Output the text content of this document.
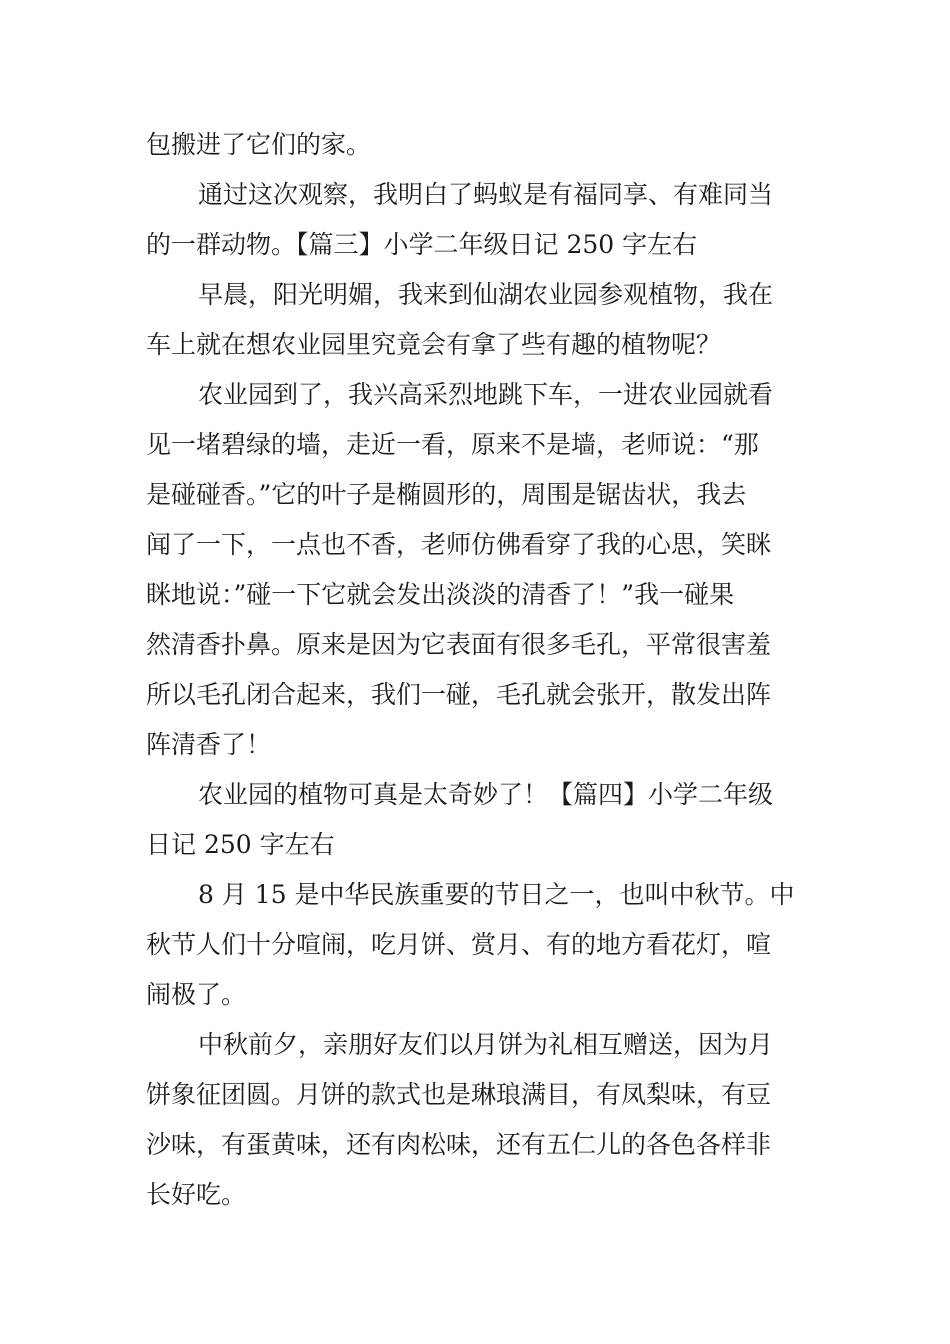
包搬进了它们的家。
通过这次观察，我明白了蚂蚁是有福同享、有难同当
的一群动物。【篇三】小学二年级日记 250 字左右
早晨，阳光明媚，我来到仙湖农业园参观植物，我在
车上就在想农业园里究竟会有拿了些有趣的植物呢？
农业园到了，我兴高采烈地跳下车，一进农业园就看
见一堵碧绿的墙，走近一看，原来不是墙，老师说：“那
是碰碰香。”它的叶子是椭圆形的，周围是锯齿状，我去
闻了一下，一点也不香，老师仿佛看穿了我的心思，笑眯
眯地说：”碰一下它就会发出淡淡的清香了！”我一碰果
然清香扑鼻。原来是因为它表面有很多毛孔，平常很害羞
所以毛孔闭合起来，我们一碰，毛孔就会张开，散发出阵
阵清香了！
农业园的植物可真是太奇妙了！【篇四】小学二年级
日记 250 字左右
8 月 15 是中华民族重要的节日之一，也叫中秋节。中
秋节人们十分喧闹，吃月饼、赏月、有的地方看花灯，喧
闹极了。
中秋前夕，亲朋好友们以月饼为礼相互赠送，因为月
饼象征团圆。月饼的款式也是琳琅满目，有凤梨味，有豆
沙味，有蛋黄味，还有肉松味，还有五仁儿的各色各样非
长好吃。
